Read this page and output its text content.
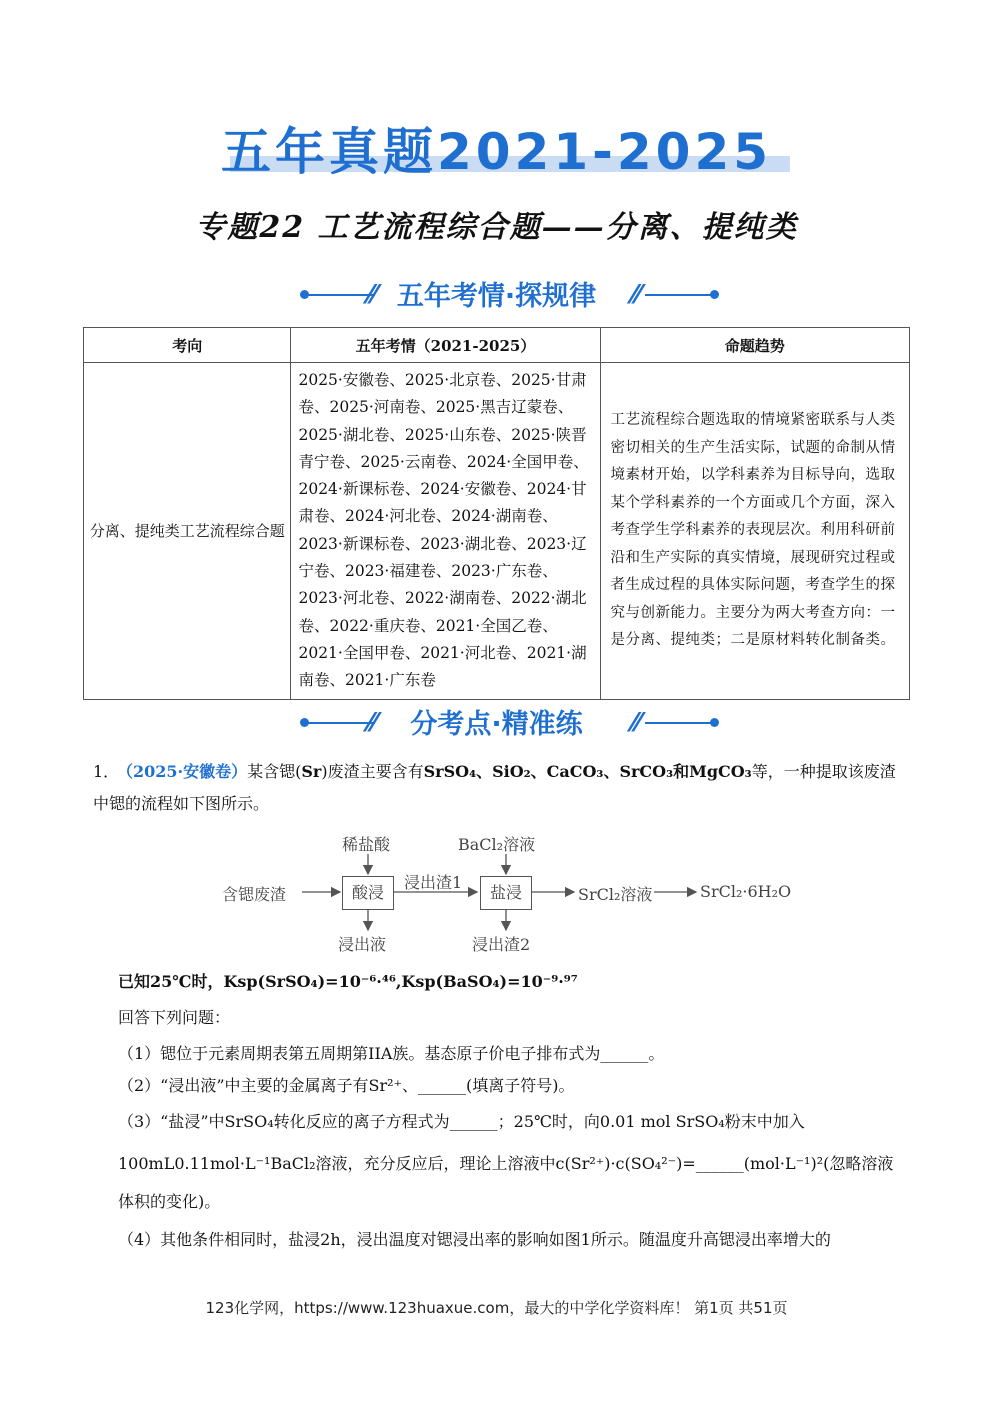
五年真题2021-2025
专题22 工艺流程综合题——分离、提纯类
⁄⁄ 五年考情·探规律	⁄⁄
考向	五年考情（2021-2025）	命题趋势
分离、提纯类工艺流程综合题	2025·安徽卷、2025·北京卷、2025·甘肃卷、2025·河南卷、2025·黑吉辽蒙卷、2025·湖北卷、2025·山东卷、2025·陕晋青宁卷、2025·云南卷、2024·全国甲卷、2024·新课标卷、2024·安徽卷、2024·甘肃卷、2024·河北卷、2024·湖南卷、2023·新课标卷、2023·湖北卷、2023·辽宁卷、2023·福建卷、2023·广东卷、2023·河北卷、2022·湖南卷、2022·湖北卷、2022·重庆卷、2021·全国乙卷、2021·全国甲卷、2021·河北卷、2021·湖南卷、2021·广东卷	工艺流程综合题选取的情境紧密联系与人类密切相关的生产生活实际，试题的命制从情境素材开始，以学科素养为目标导向，选取某个学科素养的一个方面或几个方面，深入考查学生学科素养的表现层次。利用科研前沿和生产实际的真实情境，展现研究过程或者生成过程的具体实际问题，考查学生的探究与创新能力。主要分为两大考查方向：一是分离、提纯类；二是原材料转化制备类。
⁄⁄	分考点·精准练	⁄⁄
1．
（2025·安徽卷）某含锶(Sr)废渣主要含有SrSO₄、SiO₂、CaCO₃、SrCO₃和MgCO₃等，一种提取该废渣
中锶的流程如下图所示。
含锶废渣
稀盐酸
酸浸
浸出液
浸出渣1
BaCl₂溶液
盐浸
浸出渣2
SrCl₂溶液	SrCl₂·6H₂O
已知25℃时，Ksp(SrSO₄)=10⁻⁶·⁴⁶,Ksp(BaSO₄)=10⁻⁹·⁹⁷
回答下列问题：
（1）锶位于元素周期表第五周期第IIA族。基态原子价电子排布式为______。
（2）“浸出液”中主要的金属离子有Sr²⁺、______(填离子符号)。
（3）“盐浸”中SrSO₄转化反应的离子方程式为______；25℃时，向0.01 mol SrSO₄粉末中加入
100mL0.11mol·L⁻¹BaCl₂溶液，充分反应后，理论上溶液中c(Sr²⁺)·c(SO₄²⁻)=______(mol·L⁻¹)²(忽略溶液
体积的变化)。
（4）其他条件相同时，盐浸2h，浸出温度对锶浸出率的影响如图1所示。随温度升高锶浸出率增大的
123化学网，https://www.123huaxue.com，最大的中学化学资料库！ 第1页 共51页
